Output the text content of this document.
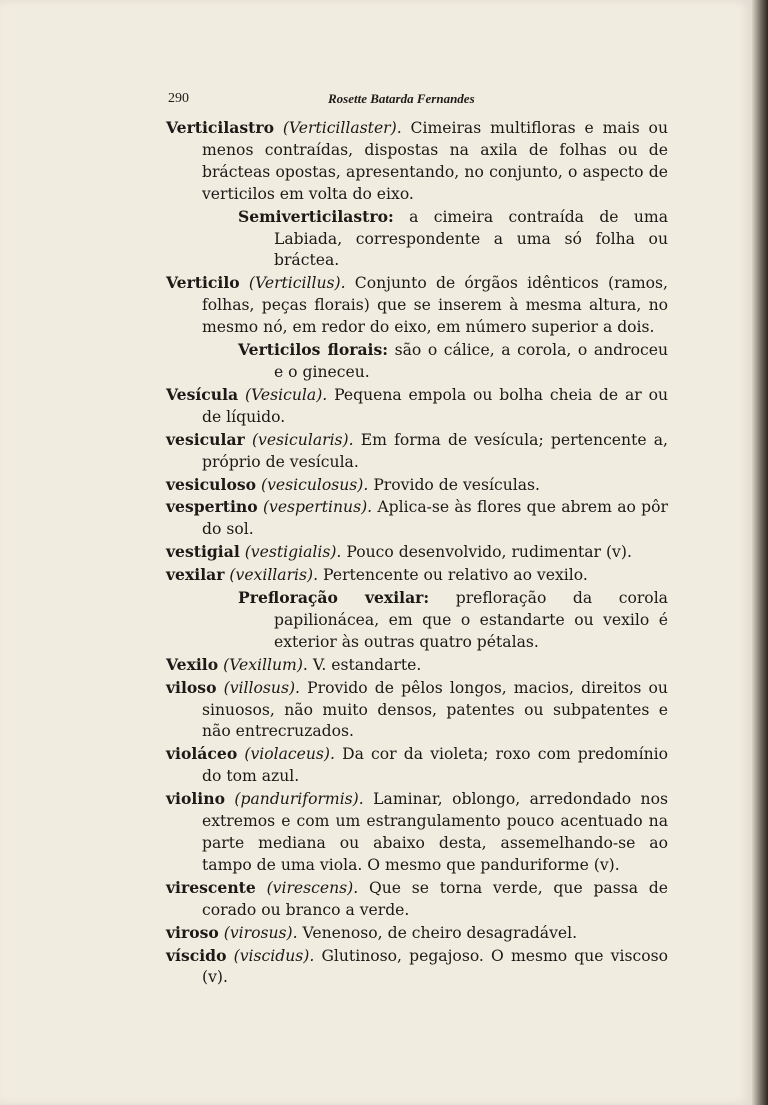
290	Rosette Batarda Fernandes

Verticilastro (Verticillaster). Cimeiras multifloras e mais ou menos contraídas, dispostas na axila de folhas ou de brácteas opostas, apresentando, no conjunto, o aspecto de verticilos em volta do eixo.

Semiverticilastro: a cimeira contraída de uma Labiada, correspondente a uma só folha ou bráctea.

Verticilo (Verticillus). Conjunto de órgãos idênticos (ramos, folhas, peças florais) que se inserem à mesma altura, no mesmo nó, em redor do eixo, em número superior a dois.

Verticilos florais: são o cálice, a corola, o androceu e o gineceu.

Vesícula (Vesicula). Pequena empola ou bolha cheia de ar ou de líquido.

vesicular (vesicularis). Em forma de vesícula; pertencente a, próprio de vesícula.

vesiculoso (vesiculosus). Provido de vesículas.

vespertino (vespertinus). Aplica-se às flores que abrem ao pôr do sol.

vestigial (vestigialis). Pouco desenvolvido, rudimentar (v).

vexilar (vexillaris). Pertencente ou relativo ao vexilo.

Prefloração vexilar: prefloração da corola papilionácea, em que o estandarte ou vexilo é exterior às outras quatro pétalas.

Vexilo (Vexillum). V. estandarte.

viloso (villosus). Provido de pêlos longos, macios, direitos ou sinuosos, não muito densos, patentes ou subpatentes e não entrecruzados.

violáceo (violaceus). Da cor da violeta; roxo com predomínio do tom azul.

violino (panduriformis). Laminar, oblongo, arredondado nos extremos e com um estrangulamento pouco acentuado na parte mediana ou abaixo desta, assemelhando-se ao tampo de uma viola. O mesmo que panduriforme (v).

virescente (virescens). Que se torna verde, que passa de corado ou branco a verde.

viroso (virosus). Venenoso, de cheiro desagradável.

víscido (viscidus). Glutinoso, pegajoso. O mesmo que viscoso (v).
